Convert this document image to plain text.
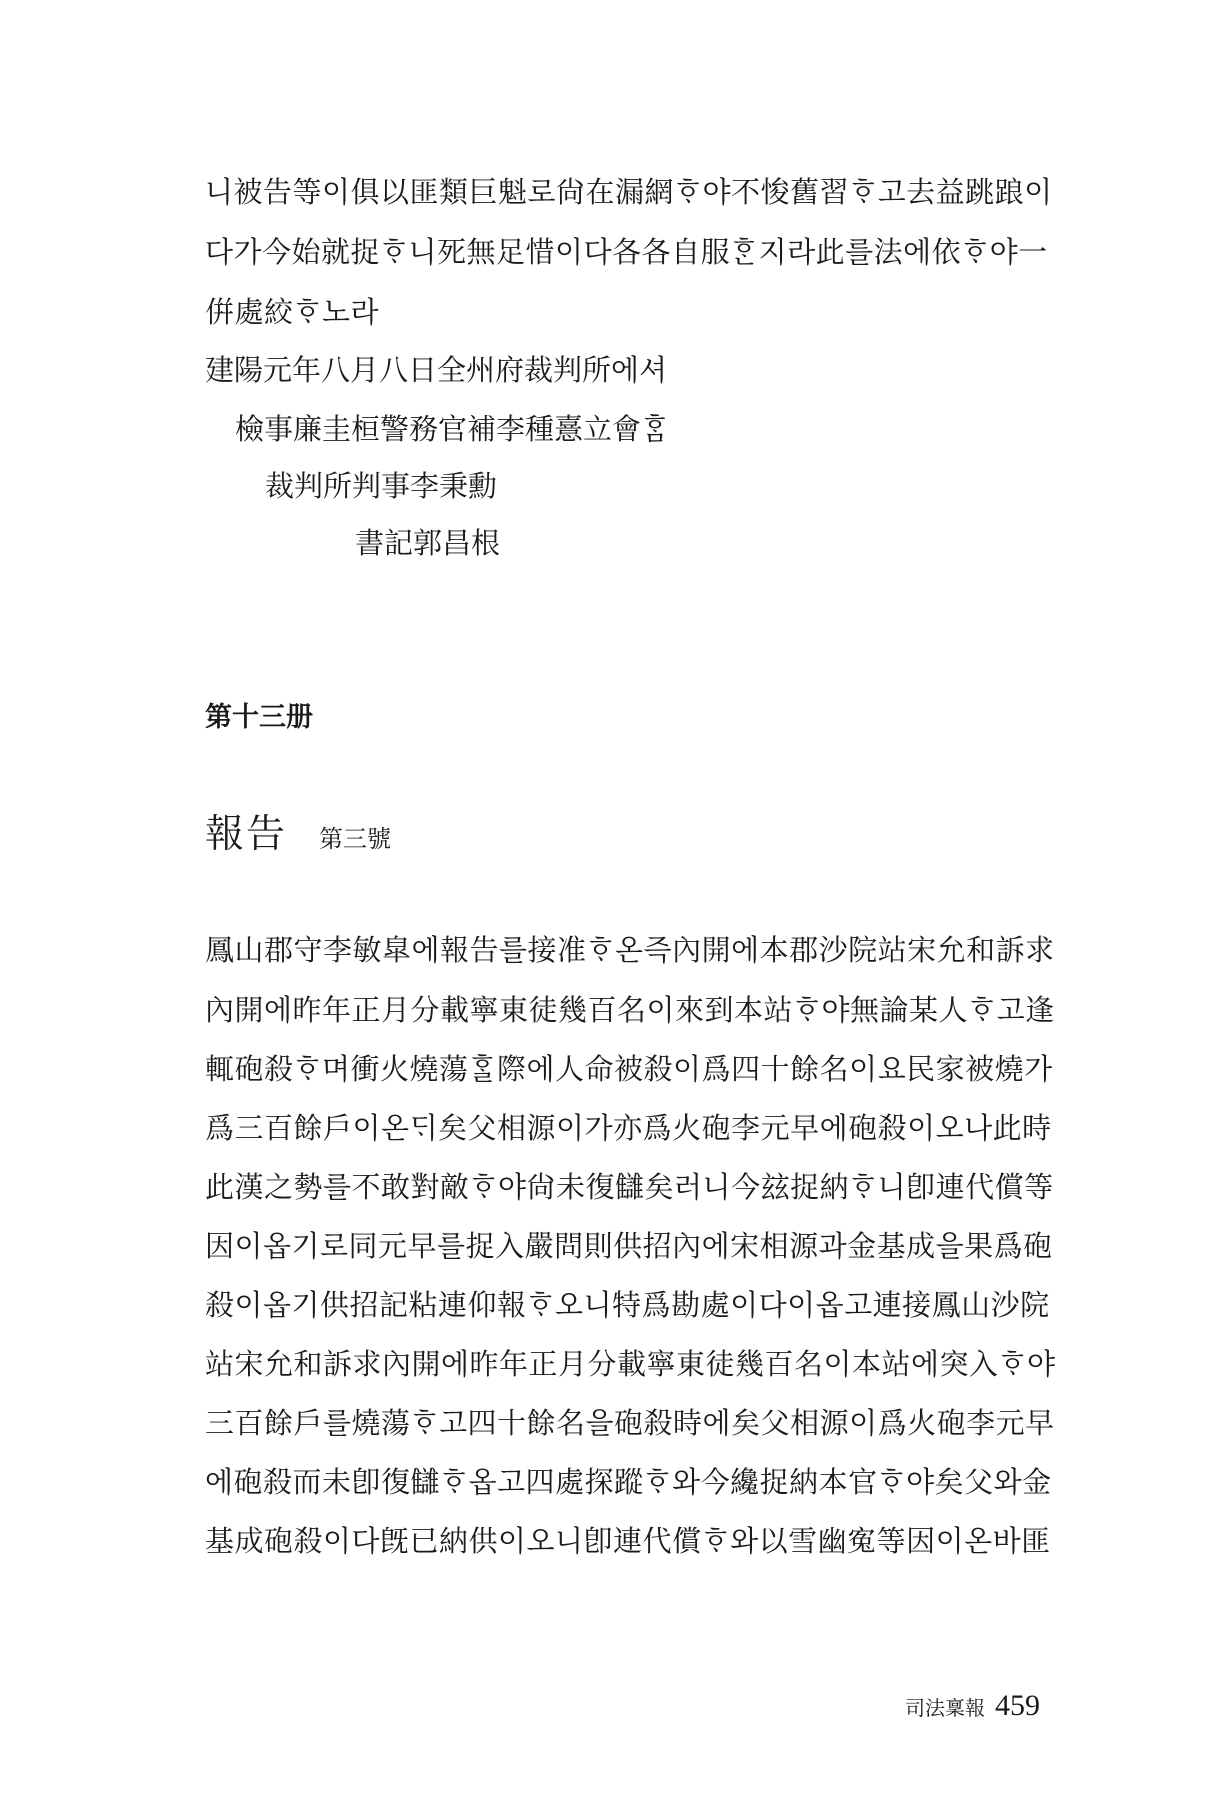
니被告等이俱以匪類巨魁로尙在漏網ᄒᆞ야不悛舊習ᄒᆞ고去益跳踉이
다가今始就捉ᄒᆞ니死無足惜이다各各自服ᄒᆞᆫ지라此를法에依ᄒᆞ야一
倂處絞ᄒᆞ노라
建陽元年八月八日全州府裁判所에셔
檢事廉圭桓警務官補李種憙立會ᄒᆞᆷ
裁判所判事李秉勳
書記郭昌根
第十三册
報告 第三號
鳳山郡守李敏皐에報告를接准ᄒᆞ온즉內開에本郡沙院站宋允和訴求
內開에昨年正月分載寧東徒幾百名이來到本站ᄒᆞ야無論某人ᄒᆞ고逢
輒砲殺ᄒᆞ며衝火燒蕩ᄒᆞᆯ際에人命被殺이爲四十餘名이요民家被燒가
爲三百餘戶이온ᄃᆡ矣父相源이가亦爲火砲李元早에砲殺이오나此時
此漢之勢를不敢對敵ᄒᆞ야尙未復讎矣러니今玆捉納ᄒᆞ니卽連代償等
因이옵기로同元早를捉入嚴問則供招內에宋相源과金基成을果爲砲
殺이옵기供招記粘連仰報ᄒᆞ오니特爲勘處이다이옵고連接鳳山沙院
站宋允和訴求內開에昨年正月分載寧東徒幾百名이本站에突入ᄒᆞ야
三百餘戶를燒蕩ᄒᆞ고四十餘名을砲殺時에矣父相源이爲火砲李元早
에砲殺而未卽復讎ᄒᆞ옵고四處探蹤ᄒᆞ와今纔捉納本官ᄒᆞ야矣父와金
基成砲殺이다旣已納供이오니卽連代償ᄒᆞ와以雪幽寃等因이온바匪
司法稟報 459
